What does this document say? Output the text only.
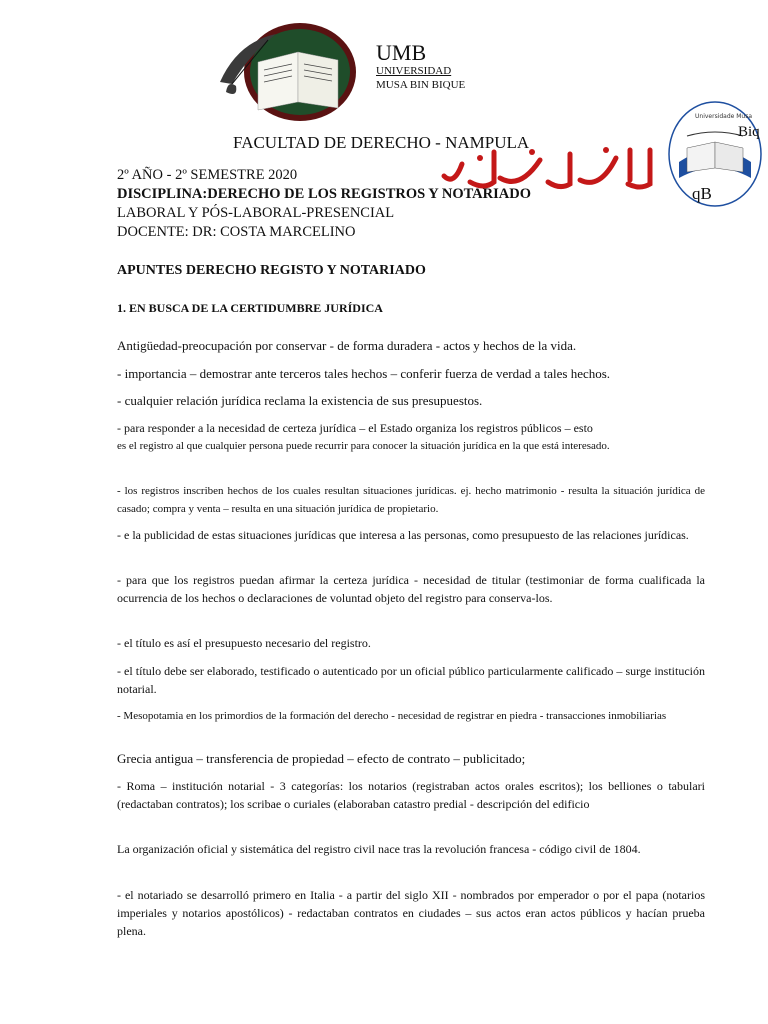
UMB
UNIVERSIDAD
MUSA BIN BIQUE
Universidade Musa
Biq
qB
FACULTAD DE DERECHO - NAMPULA
2º AÑO - 2º SEMESTRE 2020
DISCIPLINA:DERECHO DE LOS REGISTROS Y NOTARIADO
LABORAL Y PÓS-LABORAL-PRESENCIAL
DOCENTE: DR: COSTA MARCELINO
APUNTES DERECHO REGISTO Y NOTARIADO
1. EN BUSCA DE LA CERTIDUMBRE JURÍDICA

Antigüedad-preocupación por conservar - de forma duradera - actos y hechos de la vida.

- importancia – demostrar ante terceros tales hechos – conferir fuerza de verdad a tales hechos.

- cualquier relación jurídica reclama la existencia de sus presupuestos.

- para responder a la necesidad de certeza jurídica – el Estado organiza los registros públicos – esto

es el registro al que cualquier persona puede recurrir para conocer la situación jurídica en la que está interesado.

- los registros inscriben hechos de los cuales resultan situaciones jurídicas. ej. hecho matrimonio - resulta la situación jurídica de casado; compra y venta – resulta en una situación jurídica de propietario.

- e la publicidad de estas situaciones jurídicas que interesa a las personas, como presupuesto de las relaciones jurídicas.

- para que los registros puedan afirmar la certeza jurídica - necesidad de titular (testimoniar de forma cualificada la ocurrencia de los hechos o declaraciones de voluntad objeto del registro para conserva-los.

- el título es así el presupuesto necesario del registro.

- el título debe ser elaborado, testificado o autenticado por un oficial público particularmente calificado – surge institución notarial.

- Mesopotamia en los primordios de la formación del derecho - necesidad de registrar en piedra - transacciones inmobiliarias

Grecia antigua – transferencia de propiedad – efecto de contrato – publicitado;

- Roma – institución notarial - 3 categorías: los notarios (registraban actos orales escritos); los belliones o tabulari (redactaban contratos); los scribae o curiales (elaboraban catastro predial - descripción del edificio

La organización oficial y sistemática del registro civil nace tras la revolución francesa - código civil de 1804.

- el notariado se desarrolló primero en Italia - a partir del siglo XII - nombrados por emperador o por el papa (notarios imperiales y notarios apostólicos) - redactaban contratos en ciudades – sus actos eran actos públicos y hacían prueba plena.
